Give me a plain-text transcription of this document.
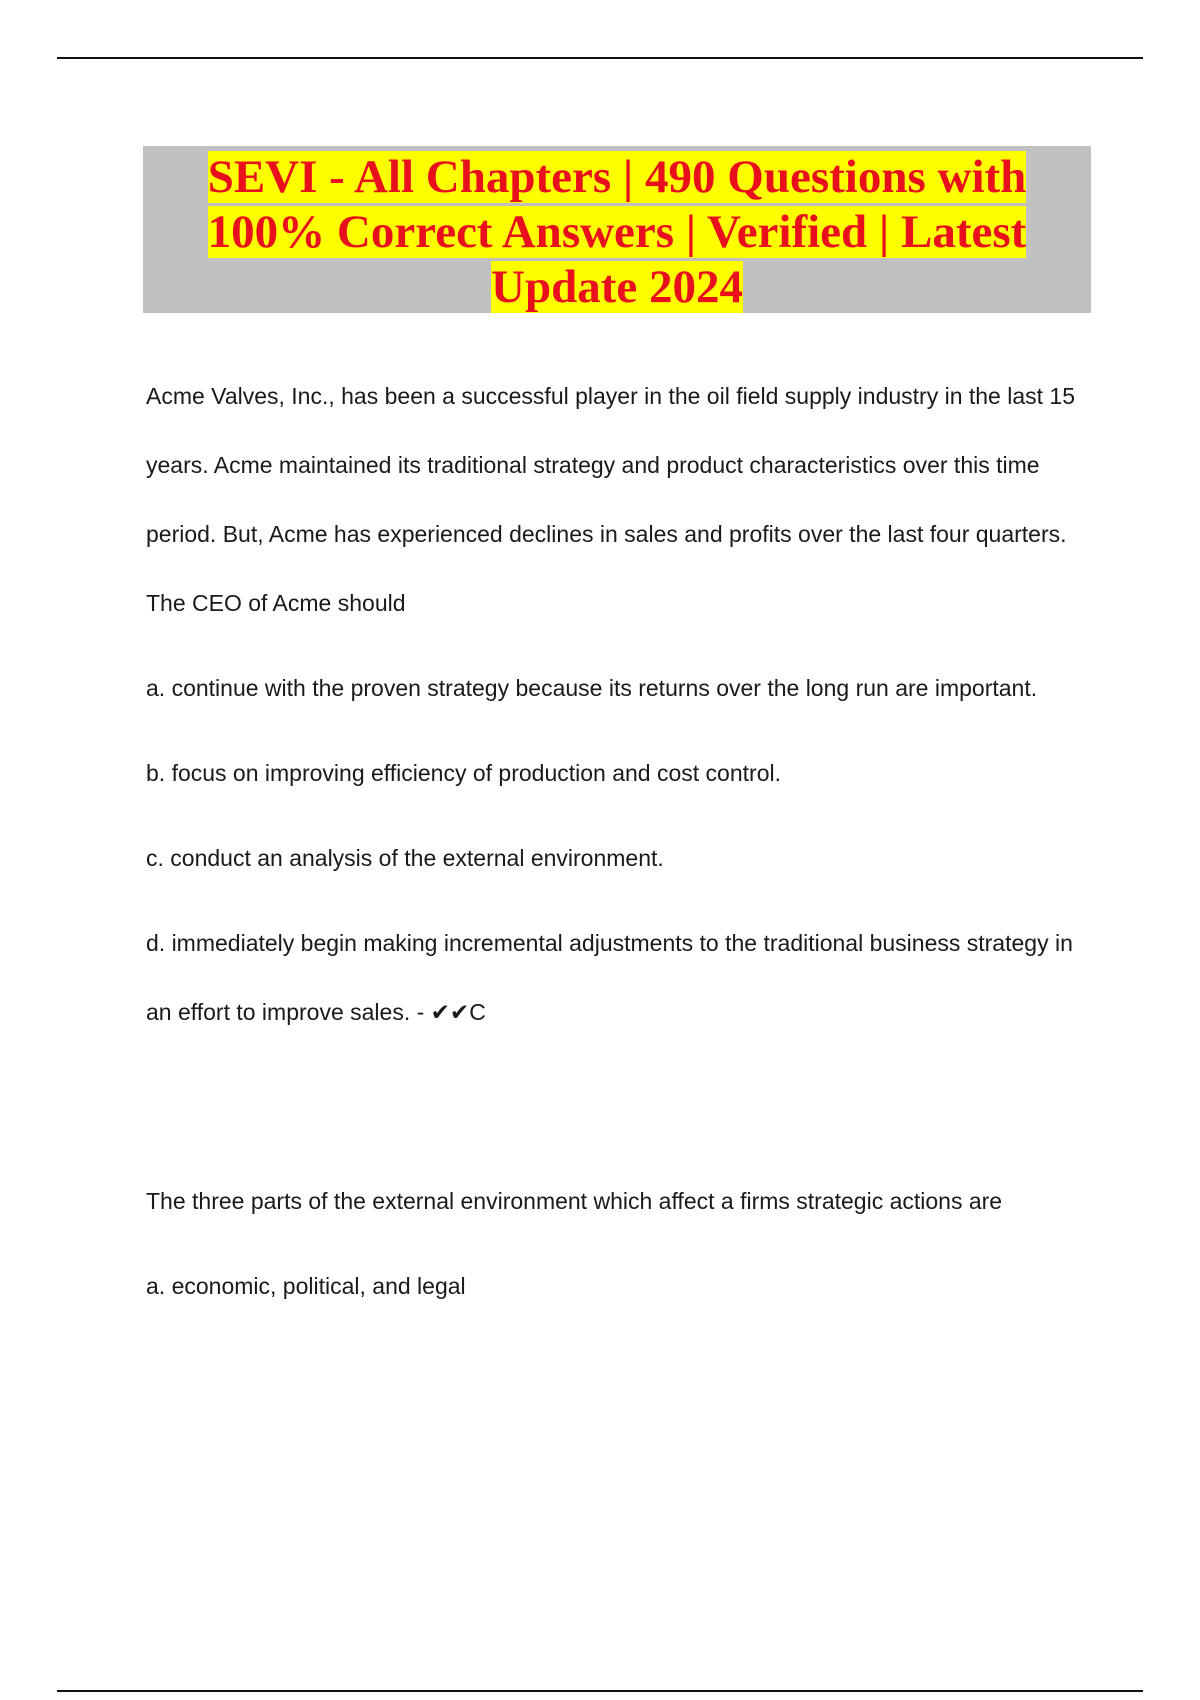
SEVI - All Chapters | 490 Questions with 100% Correct Answers | Verified | Latest Update 2024

Acme Valves, Inc., has been a successful player in the oil field supply industry in the last 15 years. Acme maintained its traditional strategy and product characteristics over this time period. But, Acme has experienced declines in sales and profits over the last four quarters. The CEO of Acme should

a. continue with the proven strategy because its returns over the long run are important.

b. focus on improving efficiency of production and cost control.

c. conduct an analysis of the external environment.

d. immediately begin making incremental adjustments to the traditional business strategy in an effort to improve sales. - ✔✔C

The three parts of the external environment which affect a firms strategic actions are

a. economic, political, and legal
